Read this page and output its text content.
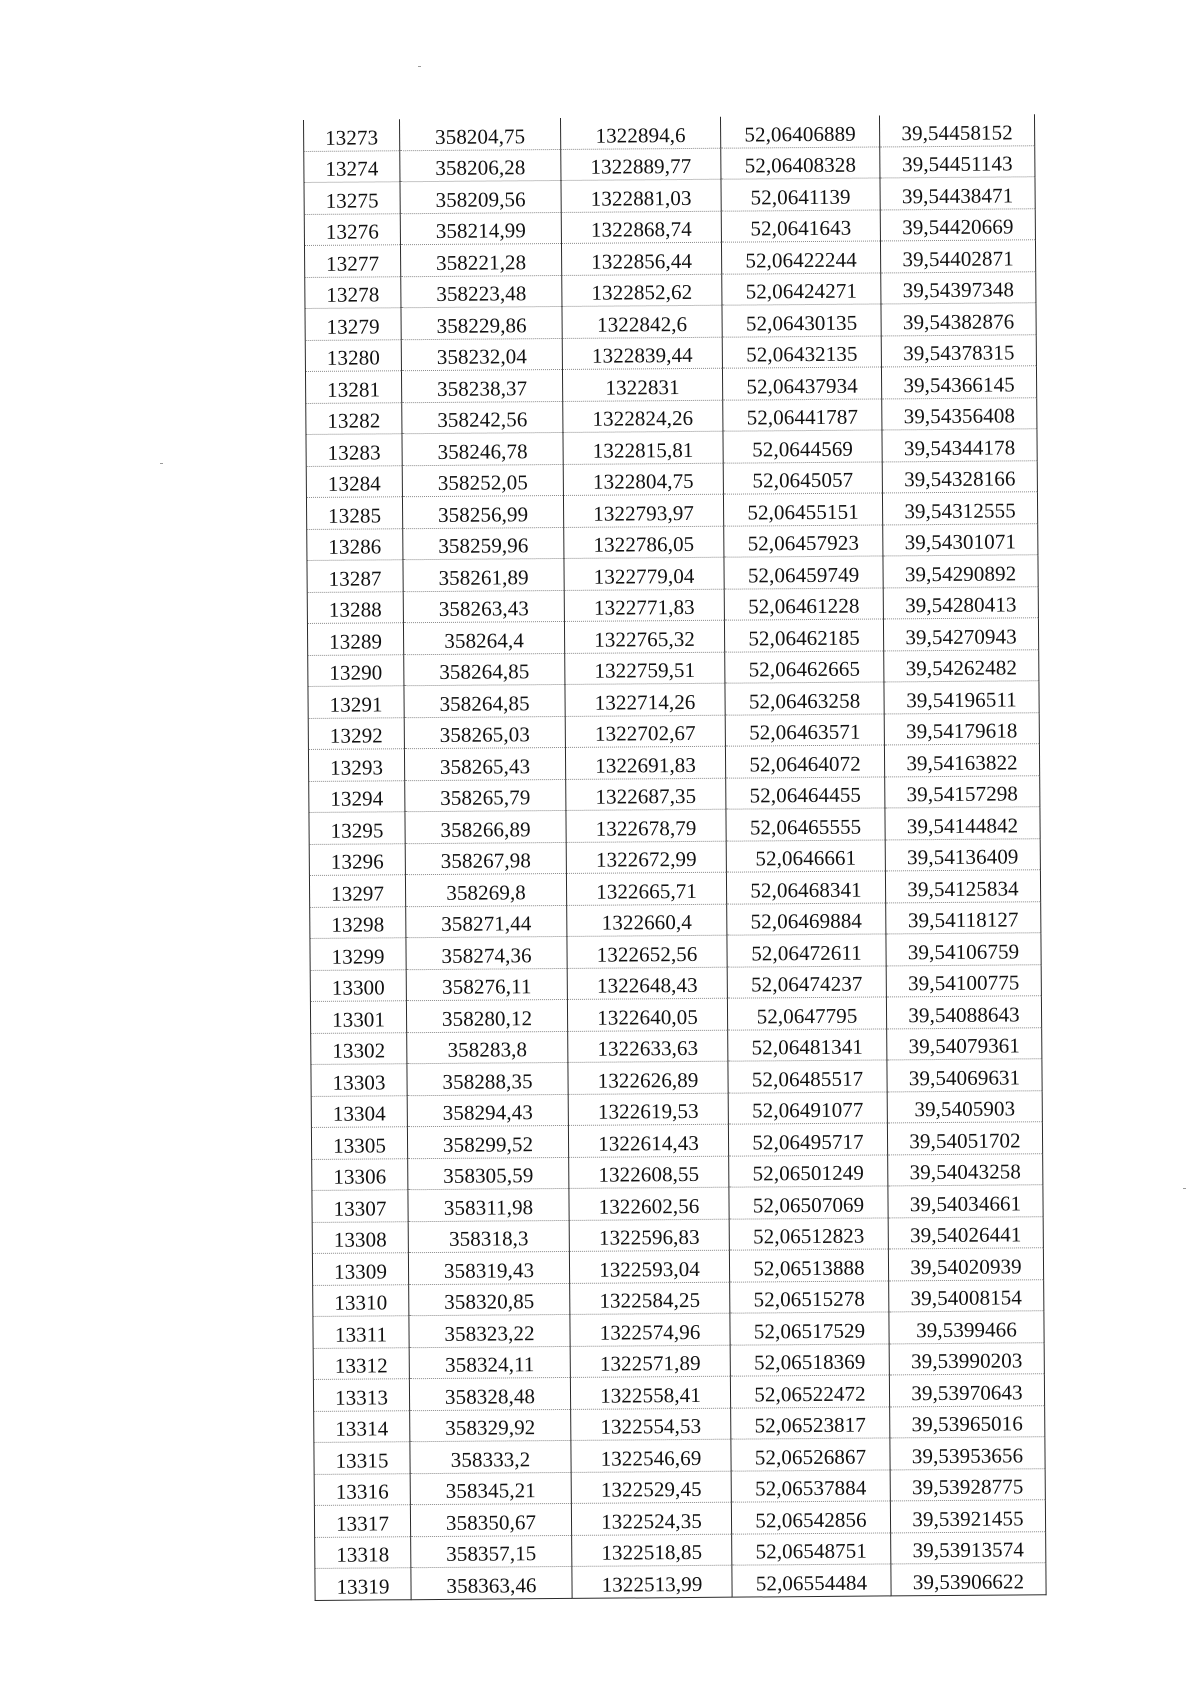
13273	358204,75	1322894,6	52,06406889	39,54458152
13274	358206,28	1322889,77	52,06408328	39,54451143
13275	358209,56	1322881,03	52,0641139	39,54438471
13276	358214,99	1322868,74	52,0641643	39,54420669
13277	358221,28	1322856,44	52,06422244	39,54402871
13278	358223,48	1322852,62	52,06424271	39,54397348
13279	358229,86	1322842,6	52,06430135	39,54382876
13280	358232,04	1322839,44	52,06432135	39,54378315
13281	358238,37	1322831	52,06437934	39,54366145
13282	358242,56	1322824,26	52,06441787	39,54356408
13283	358246,78	1322815,81	52,0644569	39,54344178
13284	358252,05	1322804,75	52,0645057	39,54328166
13285	358256,99	1322793,97	52,06455151	39,54312555
13286	358259,96	1322786,05	52,06457923	39,54301071
13287	358261,89	1322779,04	52,06459749	39,54290892
13288	358263,43	1322771,83	52,06461228	39,54280413
13289	358264,4	1322765,32	52,06462185	39,54270943
13290	358264,85	1322759,51	52,06462665	39,54262482
13291	358264,85	1322714,26	52,06463258	39,54196511
13292	358265,03	1322702,67	52,06463571	39,54179618
13293	358265,43	1322691,83	52,06464072	39,54163822
13294	358265,79	1322687,35	52,06464455	39,54157298
13295	358266,89	1322678,79	52,06465555	39,54144842
13296	358267,98	1322672,99	52,0646661	39,54136409
13297	358269,8	1322665,71	52,06468341	39,54125834
13298	358271,44	1322660,4	52,06469884	39,54118127
13299	358274,36	1322652,56	52,06472611	39,54106759
13300	358276,11	1322648,43	52,06474237	39,54100775
13301	358280,12	1322640,05	52,0647795	39,54088643
13302	358283,8	1322633,63	52,06481341	39,54079361
13303	358288,35	1322626,89	52,06485517	39,54069631
13304	358294,43	1322619,53	52,06491077	39,5405903
13305	358299,52	1322614,43	52,06495717	39,54051702
13306	358305,59	1322608,55	52,06501249	39,54043258
13307	358311,98	1322602,56	52,06507069	39,54034661
13308	358318,3	1322596,83	52,06512823	39,54026441
13309	358319,43	1322593,04	52,06513888	39,54020939
13310	358320,85	1322584,25	52,06515278	39,54008154
13311	358323,22	1322574,96	52,06517529	39,5399466
13312	358324,11	1322571,89	52,06518369	39,53990203
13313	358328,48	1322558,41	52,06522472	39,53970643
13314	358329,92	1322554,53	52,06523817	39,53965016
13315	358333,2	1322546,69	52,06526867	39,53953656
13316	358345,21	1322529,45	52,06537884	39,53928775
13317	358350,67	1322524,35	52,06542856	39,53921455
13318	358357,15	1322518,85	52,06548751	39,53913574
13319	358363,46	1322513,99	52,06554484	39,53906622
